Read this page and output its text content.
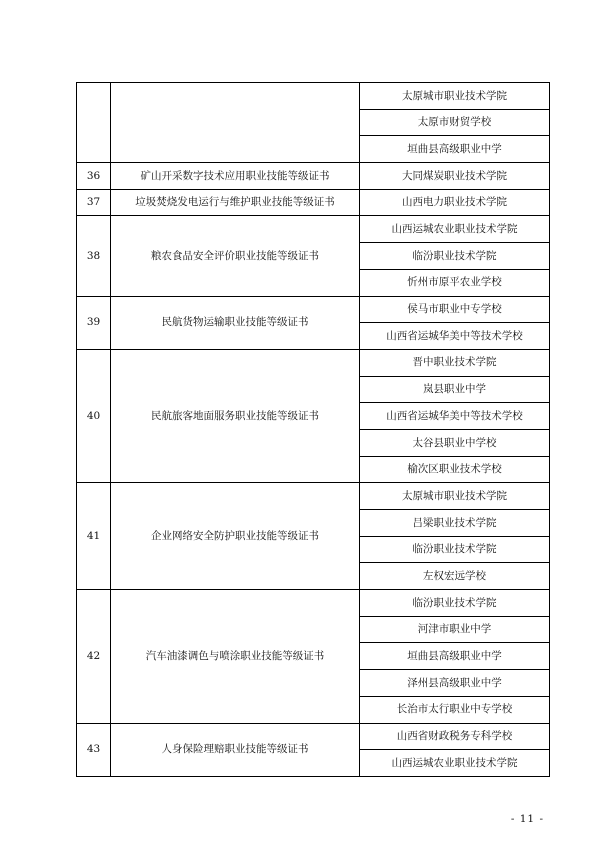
		太原城市职业技术学院
		太原市财贸学校
		垣曲县高级职业中学
36	矿山开采数字技术应用职业技能等级证书	大同煤炭职业技术学院
37	垃圾焚烧发电运行与维护职业技能等级证书	山西电力职业技术学院
38	粮农食品安全评价职业技能等级证书	山西运城农业职业技术学院
		临汾职业技术学院
		忻州市原平农业学校
39	民航货物运输职业技能等级证书	侯马市职业中专学校
		山西省运城华美中等技术学校
40	民航旅客地面服务职业技能等级证书	晋中职业技术学院
		岚县职业中学
		山西省运城华美中等技术学校
		太谷县职业中学校
		榆次区职业技术学校
41	企业网络安全防护职业技能等级证书	太原城市职业技术学院
		吕梁职业技术学院
		临汾职业技术学院
		左权宏远学校
42	汽车油漆调色与喷涂职业技能等级证书	临汾职业技术学院
		河津市职业中学
		垣曲县高级职业中学
		泽州县高级职业中学
		长治市太行职业中专学校
43	人身保险理赔职业技能等级证书	山西省财政税务专科学校
		山西运城农业职业技术学院
- 11 -
